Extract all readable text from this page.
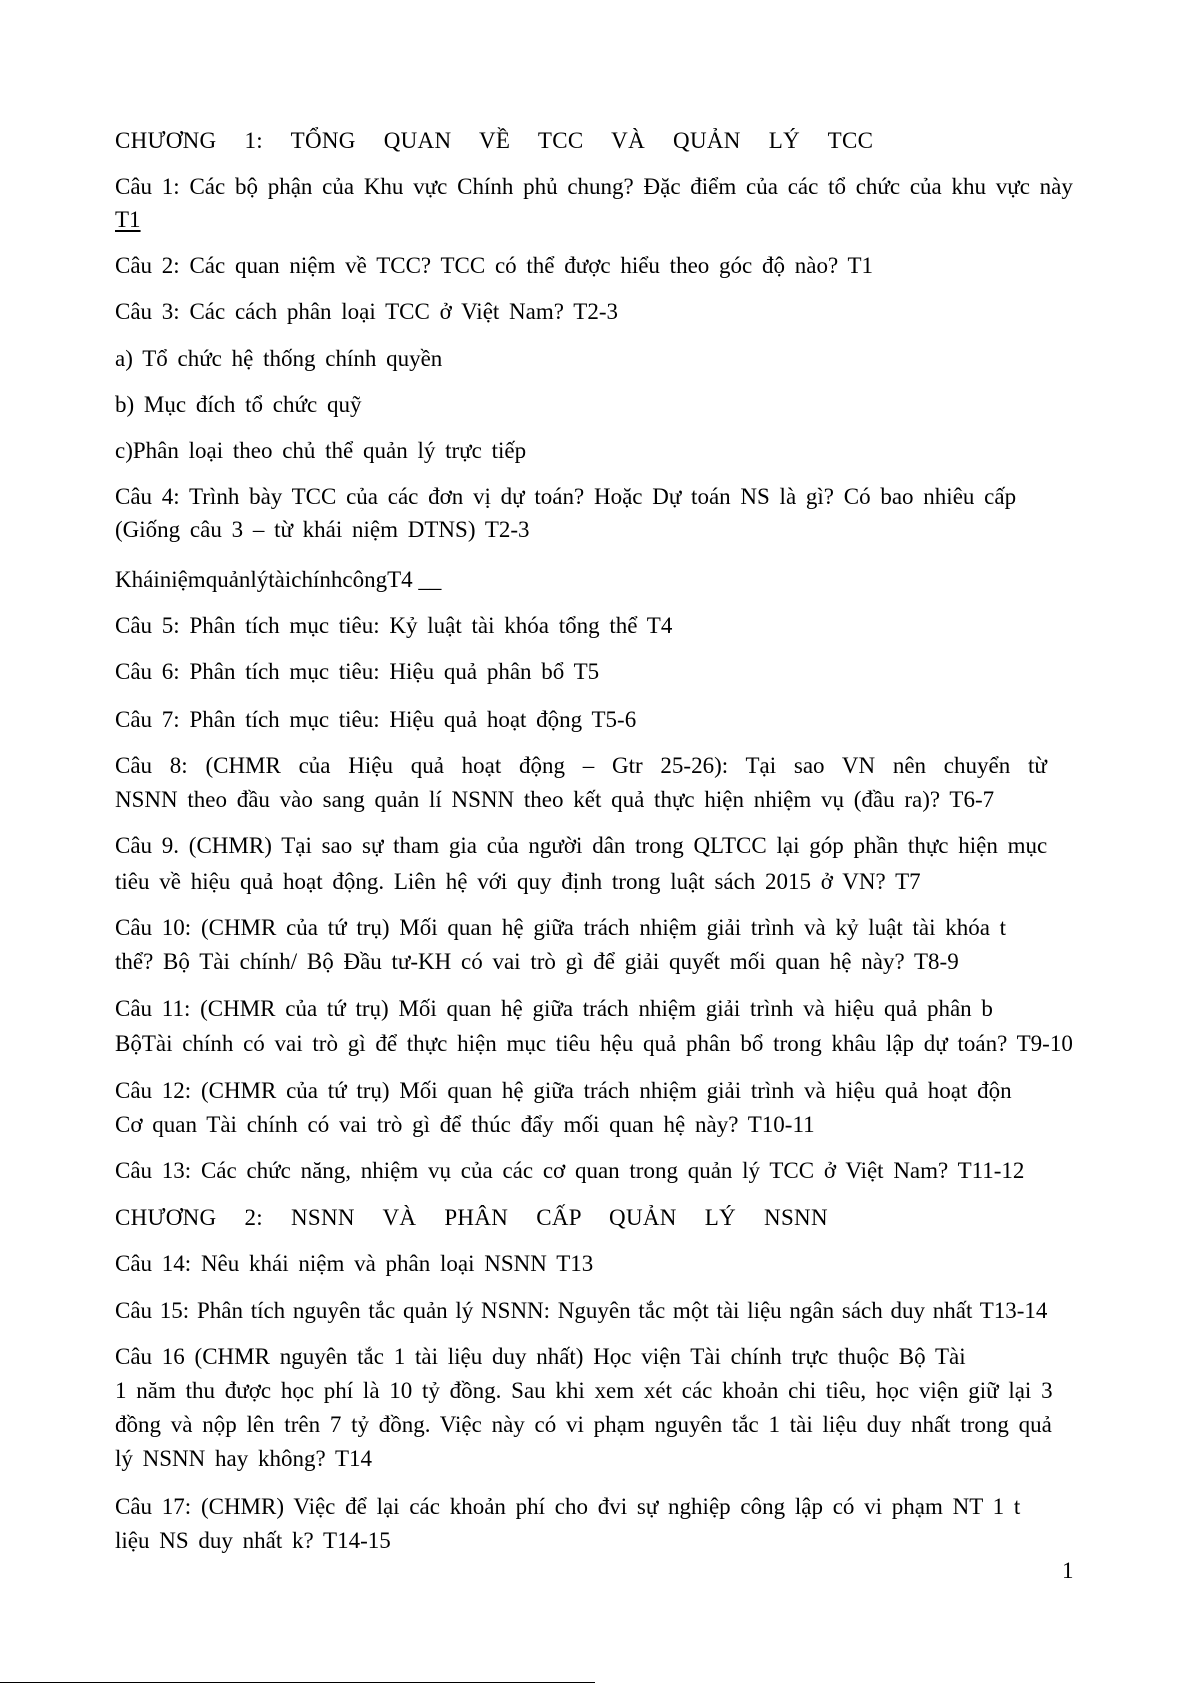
CHƯƠNG 1: TỔNG QUAN VỀ TCC VÀ QUẢN LÝ TCC
Câu 1: Các bộ phận của Khu vực Chính phủ chung? Đặc điểm của các tổ chức của khu vực này
T1
Câu 2: Các quan niệm về TCC? TCC có thể được hiểu theo góc độ nào? T1
Câu 3: Các cách phân loại TCC ở Việt Nam? T2-3
a) Tổ chức hệ thống chính quyền
b) Mục đích tổ chức quỹ
c)Phân loại theo chủ thể quản lý trực tiếp
Câu 4: Trình bày TCC của các đơn vị dự toán? Hoặc Dự toán NS là gì? Có bao nhiêu cấp
(Giống câu 3 – từ khái niệm DTNS) T2-3
KháiniệmquảnlýtàichínhcôngT4 __
Câu 5: Phân tích mục tiêu: Kỷ luật tài khóa tổng thể T4
Câu 6: Phân tích mục tiêu: Hiệu quả phân bổ T5
Câu 7: Phân tích mục tiêu: Hiệu quả hoạt động T5-6
Câu 8: (CHMR của Hiệu quả hoạt động – Gtr 25-26): Tại sao VN nên chuyển từ
NSNN theo đầu vào sang quản lí NSNN theo kết quả thực hiện nhiệm vụ (đầu ra)? T6-7
Câu 9. (CHMR) Tại sao sự tham gia của người dân trong QLTCC lại góp phần thực hiện mục
tiêu về hiệu quả hoạt động. Liên hệ với quy định trong luật sách 2015 ở VN? T7
Câu 10: (CHMR của tứ trụ) Mối quan hệ giữa trách nhiệm giải trình và kỷ luật tài khóa t
thể? Bộ Tài chính/ Bộ Đầu tư-KH có vai trò gì để giải quyết mối quan hệ này? T8-9
Câu 11: (CHMR của tứ trụ) Mối quan hệ giữa trách nhiệm giải trình và hiệu quả phân b
BộTài chính có vai trò gì để thực hiện mục tiêu hệu quả phân bổ trong khâu lập dự toán? T9-10
Câu 12: (CHMR của tứ trụ) Mối quan hệ giữa trách nhiệm giải trình và hiệu quả hoạt độn
Cơ quan Tài chính có vai trò gì để thúc đẩy mối quan hệ này? T10-11
Câu 13: Các chức năng, nhiệm vụ của các cơ quan trong quản lý TCC ở Việt Nam? T11-12
CHƯƠNG 2: NSNN VÀ PHÂN CẤP QUẢN LÝ NSNN
Câu 14: Nêu khái niệm và phân loại NSNN T13
Câu 15: Phân tích nguyên tắc quản lý NSNN: Nguyên tắc một tài liệu ngân sách duy nhất T13-14
Câu 16 (CHMR nguyên tắc 1 tài liệu duy nhất) Học viện Tài chính trực thuộc Bộ Tài
1 năm thu được học phí là 10 tỷ đồng. Sau khi xem xét các khoản chi tiêu, học viện giữ lại 3
đồng và nộp lên trên 7 tỷ đồng. Việc này có vi phạm nguyên tắc 1 tài liệu duy nhất trong quả
lý NSNN hay không? T14
Câu 17: (CHMR) Việc để lại các khoản phí cho đvi sự nghiệp công lập có vi phạm NT 1 t
liệu NS duy nhất k? T14-15
1
